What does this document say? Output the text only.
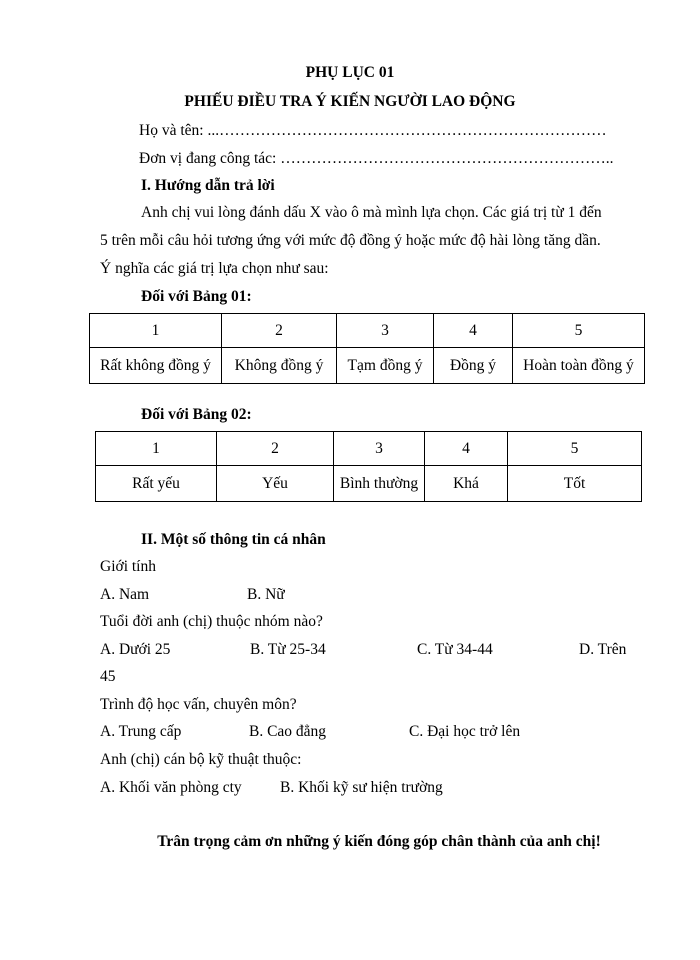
PHỤ LỤC 01
PHIẾU ĐIỀU TRA Ý KIẾN NGƯỜI LAO ĐỘNG
Họ và tên: ...…………………………………………………………………
Đơn vị đang công tác: ………………………………………………………..
I. Hướng dẫn trả lời
Anh chị vui lòng đánh dấu X vào ô mà mình lựa chọn. Các giá trị từ 1 đến
5 trên mỗi câu hỏi tương ứng với mức độ đồng ý hoặc mức độ hài lòng tăng dần.
Ý nghĩa các giá trị lựa chọn như sau:
Đối với Bảng 01:
1	2	3	4	5
Rất không đồng ý	Không đồng ý	Tạm đồng ý	Đồng ý	Hoàn toàn đồng ý
Đối với Bảng 02:
1	2	3	4	5
Rất yếu	Yếu	Bình thường	Khá	Tốt
II. Một số thông tin cá nhân
Giới tính
A. Nam	B. Nữ
Tuổi đời anh (chị) thuộc nhóm nào?
A. Dưới 25	B. Từ 25-34	C. Từ 34-44	D. Trên
45
Trình độ học vấn, chuyên môn?
A. Trung cấp	B. Cao đẳng	C. Đại học trở lên
Anh (chị) cán bộ kỹ thuật thuộc:
A. Khối văn phòng cty B. Khối kỹ sư hiện trường
Trân trọng cảm ơn những ý kiến đóng góp chân thành của anh chị!
